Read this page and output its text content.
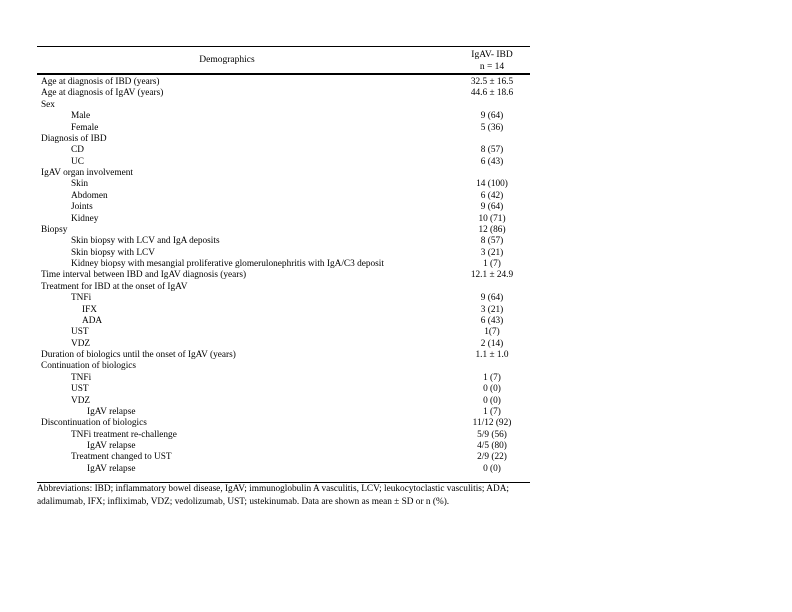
Demographics	IgAV- IBD
n = 14
Age at diagnosis of IBD (years)	32.5 ± 16.5
Age at diagnosis of IgAV (years)	44.6 ± 18.6
Sex
Male	9 (64)
Female	5 (36)
Diagnosis of IBD
CD	8 (57)
UC	6 (43)
IgAV organ involvement
Skin	14 (100)
Abdomen	6 (42)
Joints	9 (64)
Kidney	10 (71)
Biopsy	12 (86)
Skin biopsy with LCV and IgA deposits	8 (57)
Skin biopsy with LCV	3 (21)
Kidney biopsy with mesangial proliferative glomerulonephritis with IgA/C3 deposit	1 (7)
Time interval between IBD and IgAV diagnosis (years)	12.1 ± 24.9
Treatment for IBD at the onset of IgAV
TNFi	9 (64)
IFX	3 (21)
ADA	6 (43)
UST	1(7)
VDZ	2 (14)
Duration of biologics until the onset of IgAV (years)	1.1 ± 1.0
Continuation of biologics
TNFi	1 (7)
UST	0 (0)
VDZ	0 (0)
IgAV relapse	1 (7)
Discontinuation of biologics	11/12 (92)
TNFi treatment re-challenge	5/9 (56)
IgAV relapse	4/5 (80)
Treatment changed to UST	2/9 (22)
IgAV relapse	0 (0)
Abbreviations: IBD; inflammatory bowel disease, IgAV; immunoglobulin A vasculitis, LCV; leukocytoclastic vasculitis; ADA; adalimumab, IFX; infliximab, VDZ; vedolizumab, UST; ustekinumab. Data are shown as mean ± SD or n (%).
